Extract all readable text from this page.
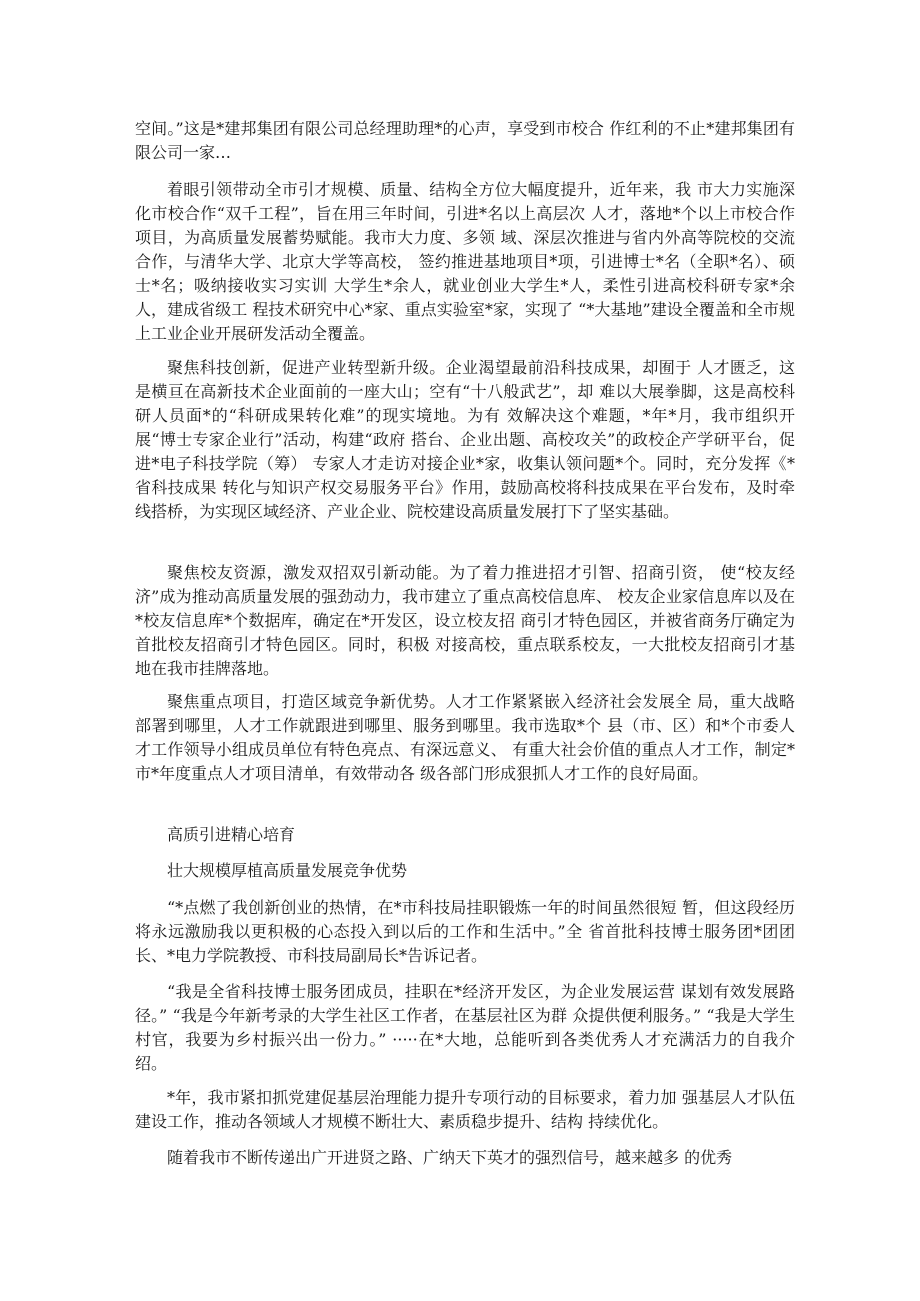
空间。”这是*建邦集团有限公司总经理助理*的心声，享受到市校合 作红利的不止*建邦集团有限公司一家…

着眼引领带动全市引才规模、质量、结构全方位大幅度提升，近年来，我 市大力实施深化市校合作“双千工程”，旨在用三年时间，引进*名以上高层次 人才，落地*个以上市校合作项目，为高质量发展蓄势赋能。我市大力度、多领 域、深层次推进与省内外高等院校的交流合作，与清华大学、北京大学等高校， 签约推进基地项目*项，引进博士*名（全职*名）、硕士*名；吸纳接收实习实训 大学生*余人，就业创业大学生*人，柔性引进高校科研专家*余人，建成省级工 程技术研究中心*家、重点实验室*家，实现了 “*大基地”建设全覆盖和全市规 上工业企业开展研发活动全覆盖。

聚焦科技创新，促进产业转型新升级。企业渴望最前沿科技成果，却囿于 人才匮乏，这是横亘在高新技术企业面前的一座大山；空有“十八般武艺”，却 难以大展拳脚，这是高校科研人员面*的“科研成果转化难”的现实境地。为有 效解决这个难题，*年*月，我市组织开展“博士专家企业行”活动，构建“政府 搭台、企业出题、高校攻关”的政校企产学研平台，促进*电子科技学院（筹） 专家人才走访对接企业*家，收集认领问题*个。同时，充分发挥《*省科技成果 转化与知识产权交易服务平台》作用，鼓励高校将科技成果在平台发布，及时牵 线搭桥，为实现区域经济、产业企业、院校建设高质量发展打下了坚实基础。

聚焦校友资源，激发双招双引新动能。为了着力推进招才引智、招商引资， 使“校友经济”成为推动高质量发展的强劲动力，我市建立了重点高校信息库、 校友企业家信息库以及在*校友信息库*个数据库，确定在*开发区，设立校友招 商引才特色园区，并被省商务厅确定为首批校友招商引才特色园区。同时，积极 对接高校，重点联系校友，一大批校友招商引才基地在我市挂牌落地。

聚焦重点项目，打造区域竞争新优势。人才工作紧紧嵌入经济社会发展全 局，重大战略部署到哪里，人才工作就跟进到哪里、服务到哪里。我市选取*个 县（市、区）和*个市委人才工作领导小组成员单位有特色亮点、有深远意义、 有重大社会价值的重点人才工作，制定*市*年度重点人才项目清单，有效带动各 级各部门形成狠抓人才工作的良好局面。

高质引进精心培育

壮大规模厚植高质量发展竞争优势

“*点燃了我创新创业的热情，在*市科技局挂职锻炼一年的时间虽然很短 暂，但这段经历将永远激励我以更积极的心态投入到以后的工作和生活中。”全 省首批科技博士服务团*团团长、*电力学院教授、市科技局副局长*告诉记者。

“我是全省科技博士服务团成员，挂职在*经济开发区，为企业发展运营 谋划有效发展路径。” “我是今年新考录的大学生社区工作者，在基层社区为群 众提供便利服务。” “我是大学生村官，我要为乡村振兴出一份力。” ·····在*大地，总能听到各类优秀人才充满活力的自我介绍。

*年，我市紧扣抓党建促基层治理能力提升专项行动的目标要求，着力加 强基层人才队伍建设工作，推动各领域人才规模不断壮大、素质稳步提升、结构 持续优化。

随着我市不断传递出广开进贤之路、广纳天下英才的强烈信号，越来越多 的优秀
